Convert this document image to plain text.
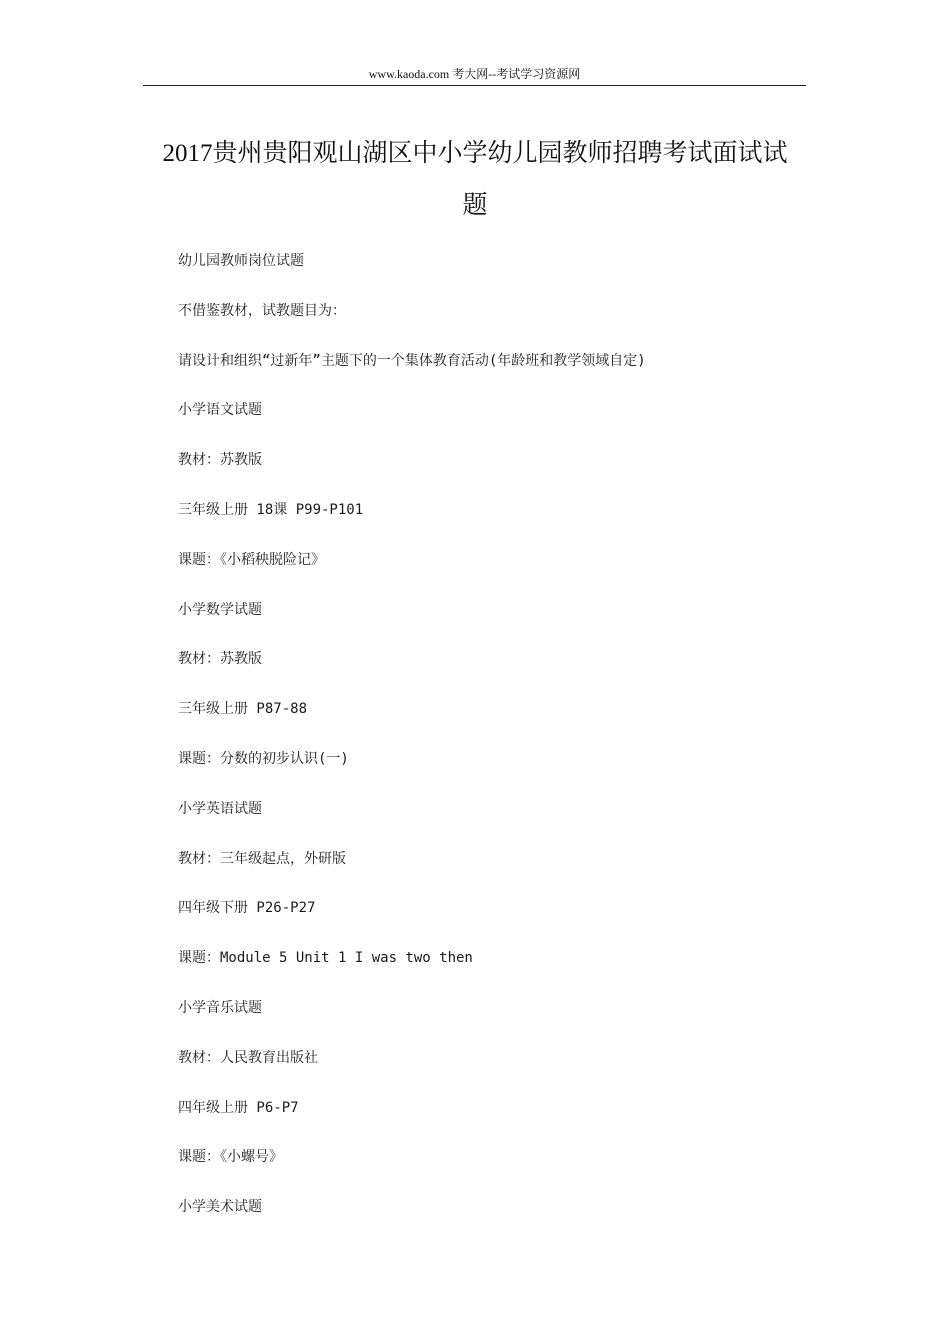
www.kaoda.com 考大网--考试学习资源网
2017贵州贵阳观山湖区中小学幼儿园教师招聘考试面试试
题
幼儿园教师岗位试题
不借鉴教材，试教题目为：
请设计和组织“过新年”主题下的一个集体教育活动(年龄班和教学领域自定)
小学语文试题
教材：苏教版
三年级上册 18课 P99-P101
课题：《小稻秧脱险记》
小学数学试题
教材：苏教版
三年级上册 P87-88
课题：分数的初步认识(一)
小学英语试题
教材：三年级起点，外研版
四年级下册 P26-P27
课题：Module 5 Unit 1 I was two then
小学音乐试题
教材：人民教育出版社
四年级上册 P6-P7
课题：《小螺号》
小学美术试题
